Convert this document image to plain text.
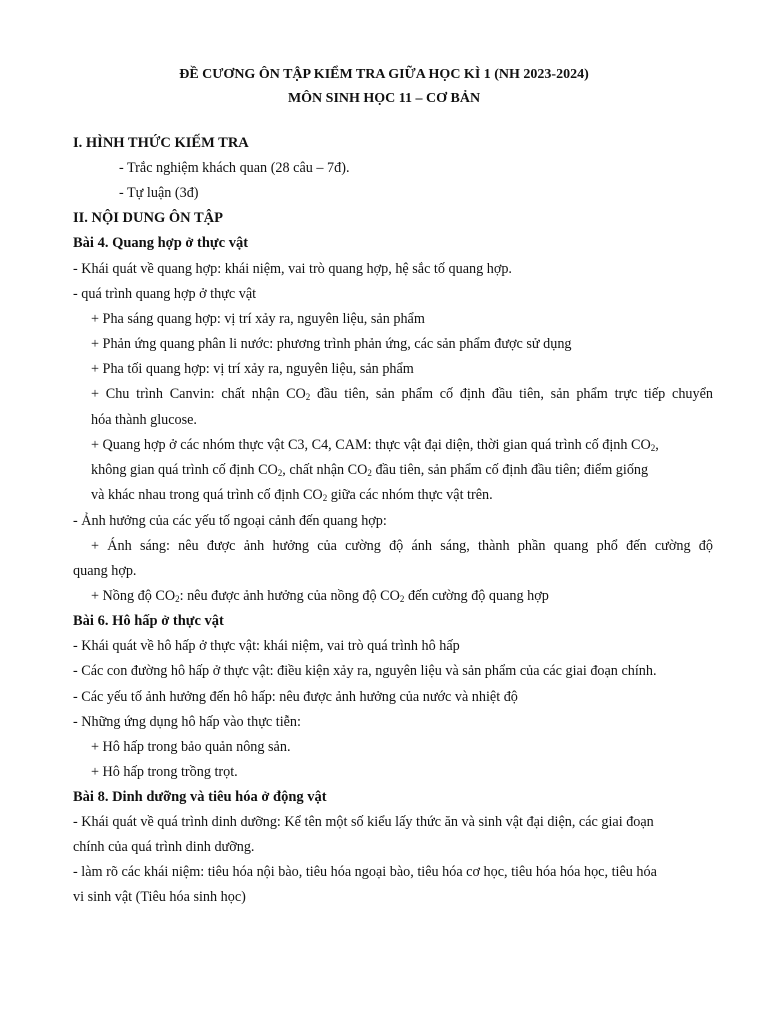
ĐỀ CƯƠNG ÔN TẬP KIỂM TRA GIỮA HỌC KÌ 1 (NH 2023-2024)
MÔN SINH HỌC 11 – CƠ BẢN
I. HÌNH THỨC KIẾM TRA
- Trắc nghiệm khách quan (28 câu – 7đ).
- Tự luận (3đ)
II. NỘI DUNG ÔN TẬP
Bài 4. Quang hợp ở thực vật
- Khái quát về quang hợp: khái niệm, vai trò quang hợp, hệ sắc tố quang hợp.
- quá trình quang hợp ở thực vật
+ Pha sáng quang hợp: vị trí xảy ra, nguyên liệu, sản phẩm
+ Phản ứng quang phân li nước: phương trình phản ứng, các sản phẩm được sử dụng
+ Pha tối quang hợp: vị trí xảy ra, nguyên liệu, sản phẩm
+ Chu trình Canvin: chất nhận $CO_2$ đầu tiên, sản phẩm cố định đầu tiên, sản phẩm trực tiếp chuyển
hóa thành glucose.
+ Quang hợp ở các nhóm thực vật C3, C4, CAM: thực vật đại diện, thời gian quá trình cố định $CO_2$,
không gian quá trình cố định $CO_2$, chất nhận $CO_2$ đầu tiên, sản phẩm cố định đầu tiên; điểm giống
và khác nhau trong quá trình cố định $CO_2$ giữa các nhóm thực vật trên.
- Ảnh hưởng của các yếu tố ngoại cảnh đến quang hợp:
+ Ánh sáng: nêu được ảnh hưởng của cường độ ánh sáng, thành phần quang phổ đến cường độ
quang hợp.
+ Nồng độ $CO_2$: nêu được ảnh hưởng của nồng độ $CO_2$ đến cường độ quang hợp
Bài 6. Hô hấp ở thực vật
- Khái quát về hô hấp ở thực vật: khái niệm, vai trò quá trình hô hấp
- Các con đường hô hấp ở thực vật: điều kiện xảy ra, nguyên liệu và sản phẩm của các giai đoạn chính.
- Các yếu tố ảnh hưởng đến hô hấp: nêu được ảnh hưởng của nước và nhiệt độ
- Những ứng dụng hô hấp vào thực tiễn:
+ Hô hấp trong bảo quản nông sản.
+ Hô hấp trong trồng trọt.
Bài 8. Dinh dưỡng và tiêu hóa ở động vật
- Khái quát về quá trình dinh dưỡng: Kể tên một số kiểu lấy thức ăn và sinh vật đại diện, các giai đoạn
chính của quá trình dinh dưỡng.
- làm rõ các khái niệm: tiêu hóa nội bào, tiêu hóa ngoại bào, tiêu hóa cơ học, tiêu hóa hóa học, tiêu hóa
vi sinh vật (Tiêu hóa sinh học)
